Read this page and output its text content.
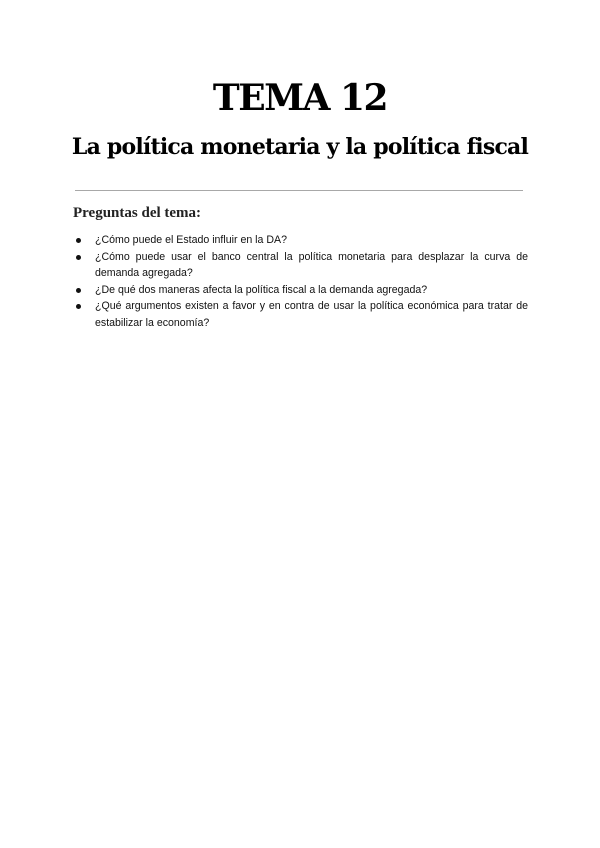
TEMA 12
La política monetaria y la política fiscal
Preguntas del tema:
¿Cómo puede el Estado influir en la DA?
¿Cómo puede usar el banco central la política monetaria para desplazar la curva de demanda agregada?
¿De qué dos maneras afecta la política fiscal a la demanda agregada?
¿Qué argumentos existen a favor y en contra de usar la política económica para tratar de estabilizar la economía?
